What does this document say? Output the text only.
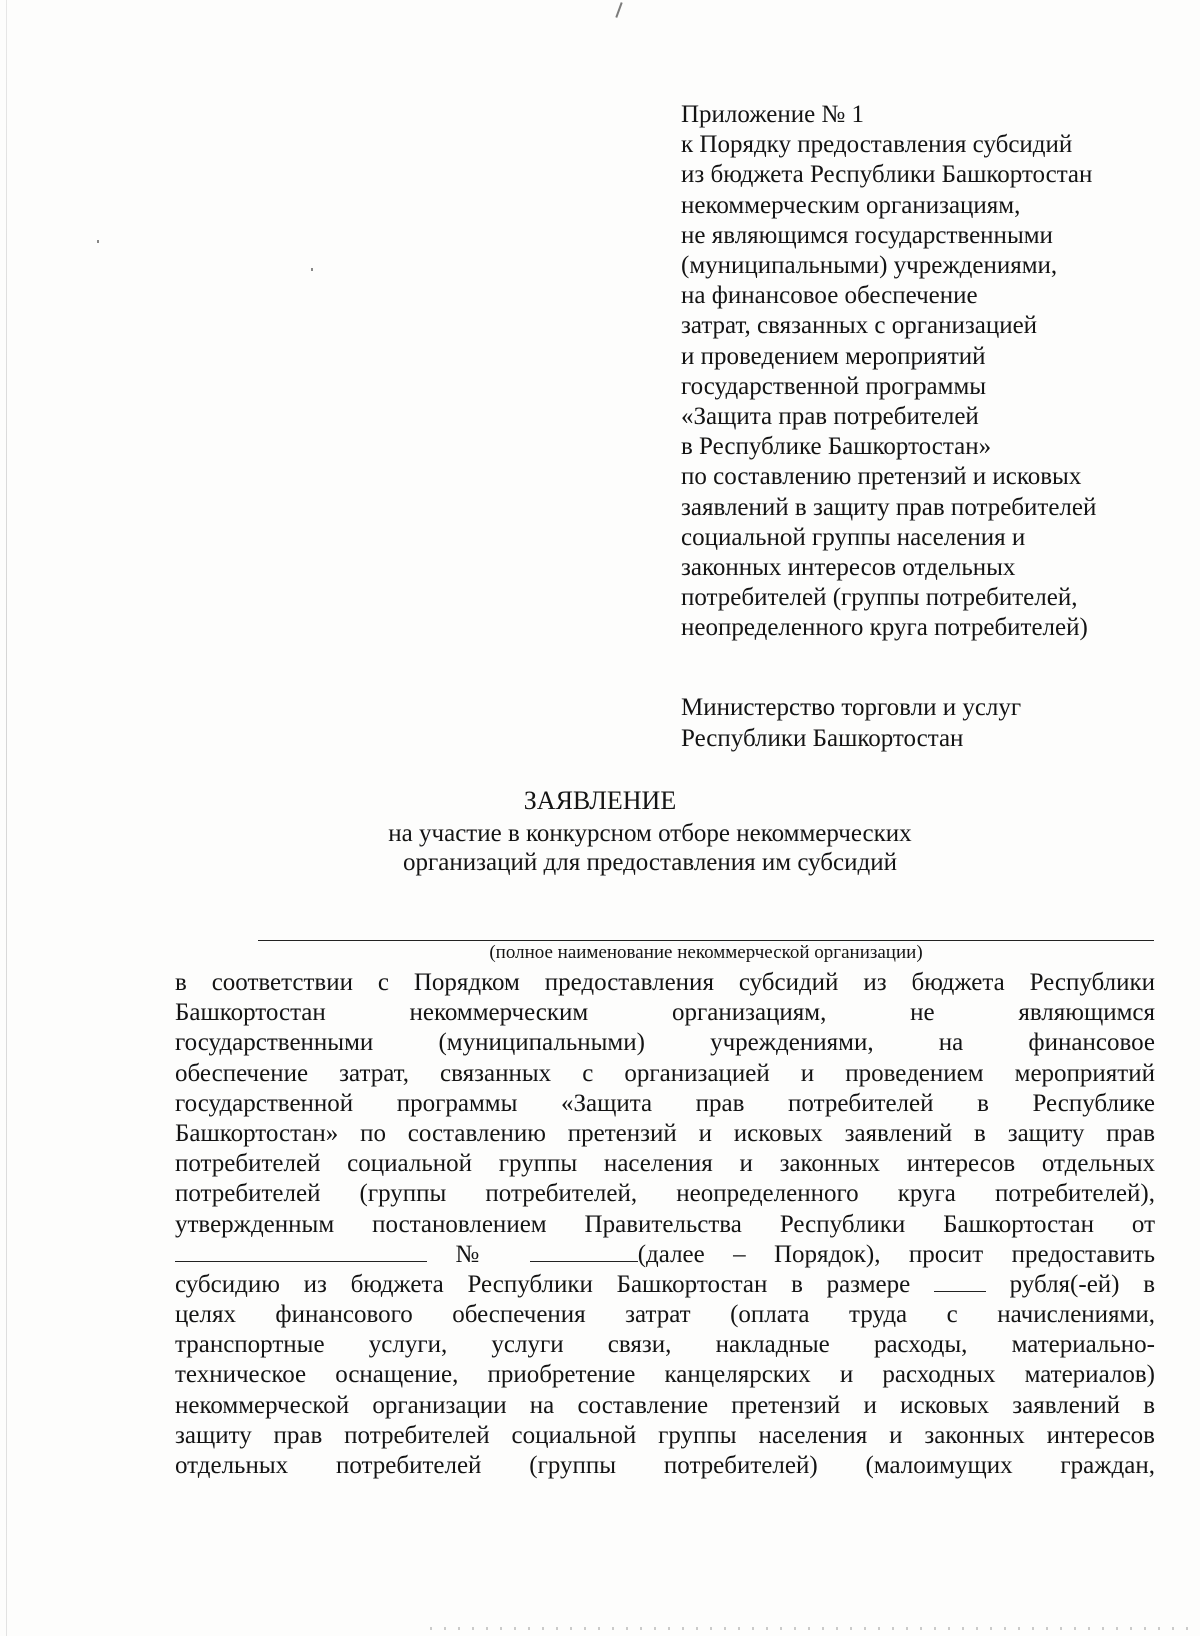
Приложение № 1
к Порядку предоставления субсидий
из бюджета Республики Башкортостан
некоммерческим организациям,
не являющимся государственными
(муниципальными) учреждениями,
на финансовое обеспечение
затрат, связанных с организацией
и проведением мероприятий
государственной программы
«Защита прав потребителей
в Республике Башкортостан»
по составлению претензий и исковых
заявлений в защиту прав потребителей
социальной группы населения и
законных интересов отдельных
потребителей (группы потребителей,
неопределенного круга потребителей)
Министерство торговли и услуг
Республики Башкортостан
ЗАЯВЛЕНИЕ
на участие в конкурсном отборе некоммерческих
организаций для предоставления им субсидий
(полное наименование некоммерческой организации)
в соответствии с Порядком предоставления субсидий из бюджета Республики
Башкортостан некоммерческим организациям, не являющимся
государственными (муниципальными) учреждениями, на финансовое
обеспечение затрат, связанных с организацией и проведением мероприятий
государственной программы «Защита прав потребителей в Республике
Башкортостан» по составлению претензий и исковых заявлений в защиту прав
потребителей социальной группы населения и законных интересов отдельных
потребителей (группы потребителей, неопределенного круга потребителей),
утвержденным постановлением Правительства Республики Башкортостан от
№	(далее – Порядок), просит предоставить
субсидию из бюджета Республики Башкортостан в размере	рубля(-ей) в
целях финансового обеспечения затрат (оплата труда с начислениями,
транспортные услуги, услуги связи, накладные расходы, материально-
техническое оснащение, приобретение канцелярских и расходных материалов)
некоммерческой организации на составление претензий и исковых заявлений в
защиту прав потребителей социальной группы населения и законных интересов
отдельных потребителей (группы потребителей) (малоимущих граждан,
